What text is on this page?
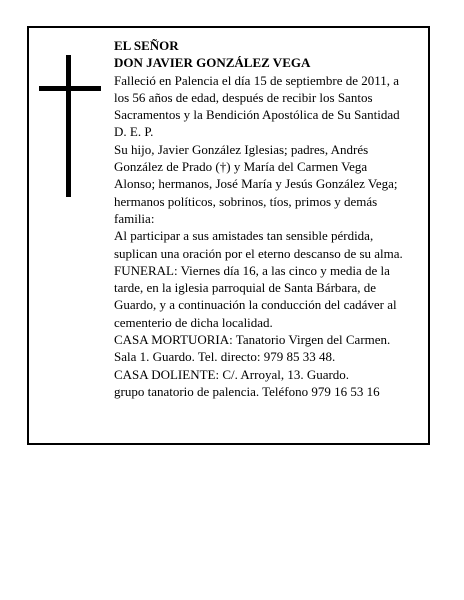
EL SEÑOR
DON JAVIER GONZÁLEZ VEGA
Falleció en Palencia el día 15 de septiembre de 2011, a
los 56 años de edad, después de recibir los Santos
Sacramentos y la Bendición Apostólica de Su Santidad
D. E. P.
Su hijo, Javier González Iglesias; padres, Andrés
González de Prado (†) y María del Carmen Vega
Alonso; hermanos, José María y Jesús González Vega;
hermanos políticos, sobrinos, tíos, primos y demás
familia:
Al participar a sus amistades tan sensible pérdida,
suplican una oración por el eterno descanso de su alma.
FUNERAL: Viernes día 16, a las cinco y media de la
tarde, en la iglesia parroquial de Santa Bárbara, de
Guardo, y a continuación la conducción del cadáver al
cementerio de dicha localidad.
CASA MORTUORIA: Tanatorio Virgen del Carmen.
Sala 1. Guardo. Tel. directo: 979 85 33 48.
CASA DOLIENTE: C/. Arroyal, 13. Guardo.
grupo tanatorio de palencia. Teléfono 979 16 53 16
